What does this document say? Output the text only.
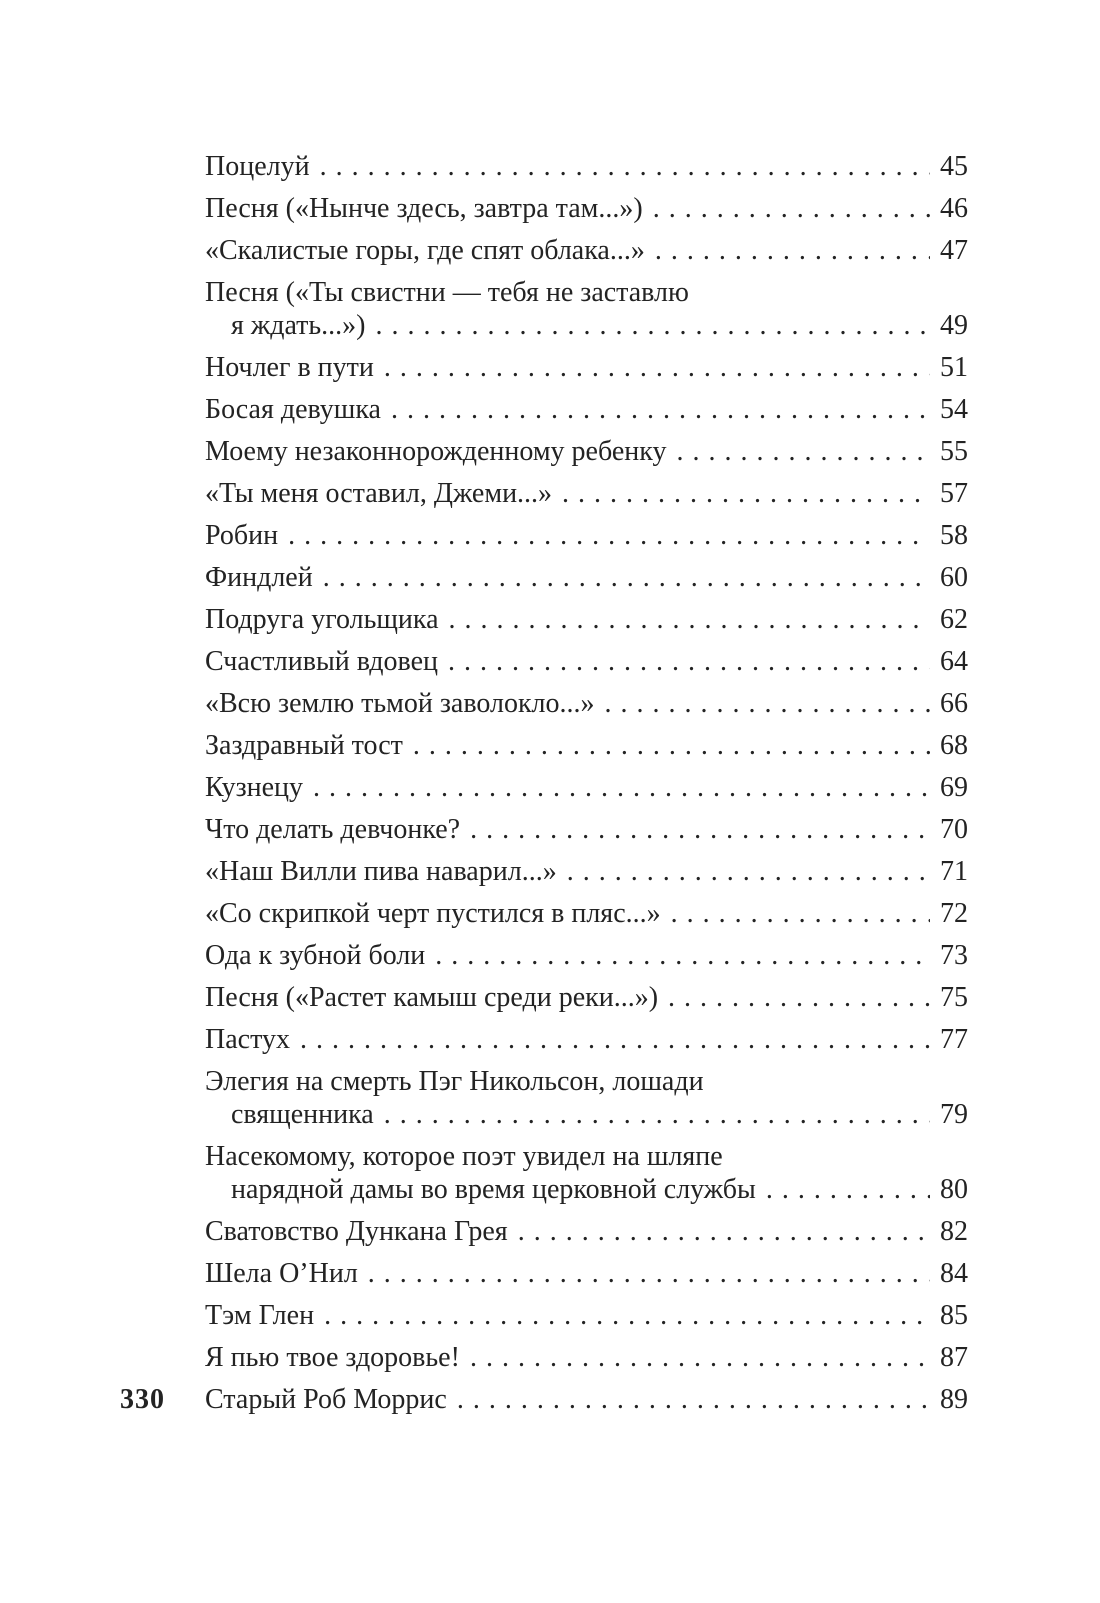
330
Поцелуй .....	45
Песня («Нынче здесь, завтра там...») .....	46
«Скалистые горы, где спят облака...» .....	47
Песня («Ты свистни — тебя не заставлю
я ждать...») .....	49
Ночлег в пути .....	51
Босая девушка .....	54
Моему незаконнорожденному ребенку .....	55
«Ты меня оставил, Джеми...» .....	57
Робин .....	58
Финдлей .....	60
Подруга угольщика .....	62
Счастливый вдовец .....	64
«Всю землю тьмой заволокло...» .....	66
Заздравный тост .....	68
Кузнецу .....	69
Что делать девчонке? .....	70
«Наш Вилли пива наварил...» .....	71
«Со скрипкой черт пустился в пляс...» .....	72
Ода к зубной боли .....	73
Песня («Растет камыш среди реки...») .....	75
Пастух .....	77
Элегия на смерть Пэг Никольсон, лошади
священника .....	79
Насекомому, которое поэт увидел на шляпе
нарядной дамы во время церковной службы .....	80
Сватовство Дункана Грея .....	82
Шела О’Нил .....	84
Тэм Глен .....	85
Я пью твое здоровье! .....	87
Старый Роб Моррис .....	89
